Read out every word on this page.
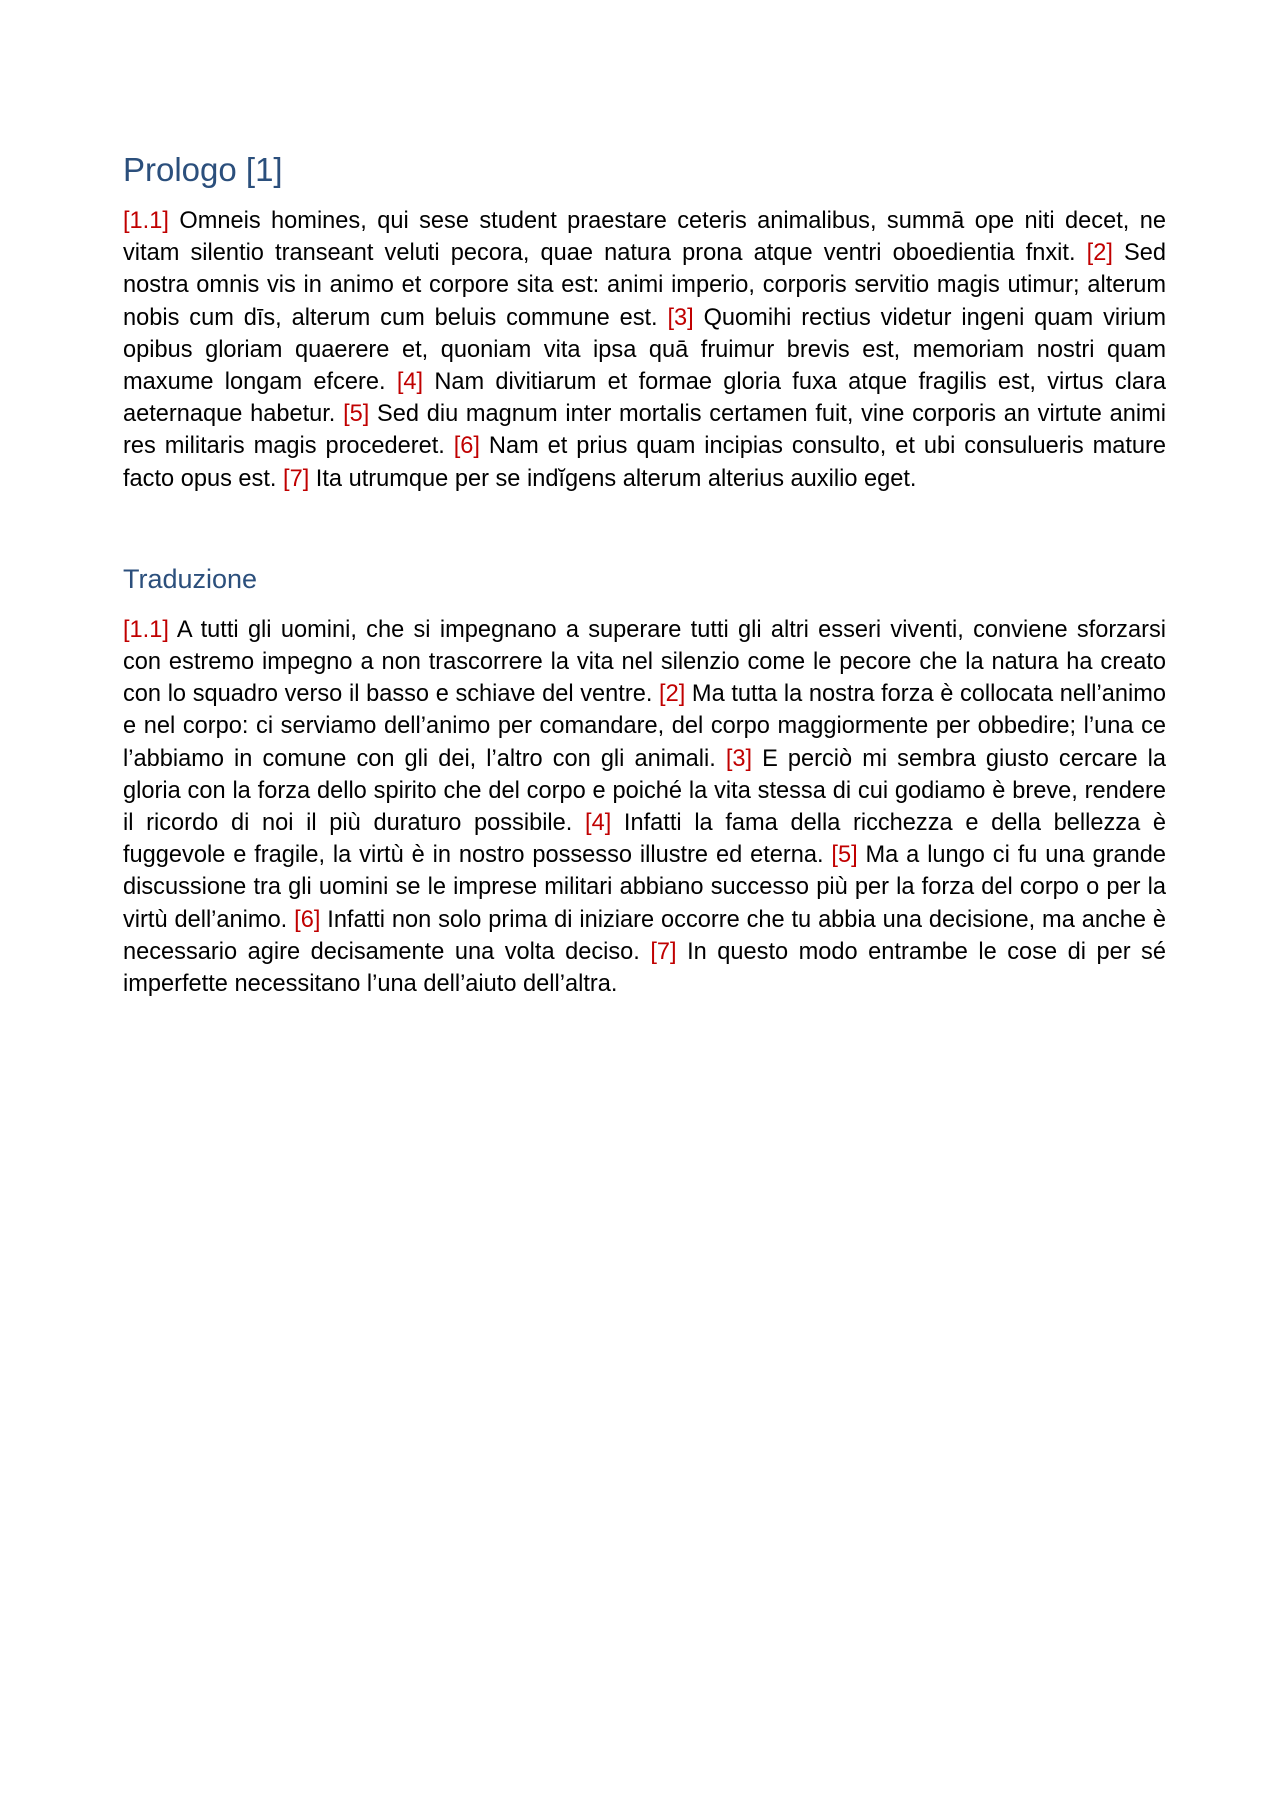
Prologo [1]

[1.1] Omneis homines, qui sese student praestare ceteris animalibus, summā ope niti decet, ne vitam silentio transeant veluti pecora, quae natura prona atque ventri oboedientia fnxit. [2] Sed nostra omnis vis in animo et corpore sita est: animi imperio, corporis servitio magis utimur; alterum nobis cum dīs, alterum cum beluis commune est. [3] Quomihi rectius videtur ingeni quam virium opibus gloriam quaerere et, quoniam vita ipsa quā fruimur brevis est, memoriam nostri quam maxume longam efcere. [4] Nam divitiarum et formae gloria fuxa atque fragilis est, virtus clara aeternaque habetur. [5] Sed diu magnum inter mortalis certamen fuit, vine corporis an virtute animi res militaris magis procederet. [6] Nam et prius quam incipias consulto, et ubi consulueris mature facto opus est. [7] Ita utrumque per se indĭgens alterum alterius auxilio eget.

Traduzione

[1.1] A tutti gli uomini, che si impegnano a superare tutti gli altri esseri viventi, conviene sforzarsi con estremo impegno a non trascorrere la vita nel silenzio come le pecore che la natura ha creato con lo squadro verso il basso e schiave del ventre. [2] Ma tutta la nostra forza è collocata nell’animo e nel corpo: ci serviamo dell’animo per comandare, del corpo maggiormente per obbedire; l’una ce l’abbiamo in comune con gli dei, l’altro con gli animali. [3] E perciò mi sembra giusto cercare la gloria con la forza dello spirito che del corpo e poiché la vita stessa di cui godiamo è breve, rendere il ricordo di noi il più duraturo possibile. [4] Infatti la fama della ricchezza e della bellezza è fuggevole e fragile, la virtù è in nostro possesso illustre ed eterna. [5] Ma a lungo ci fu una grande discussione tra gli uomini se le imprese militari abbiano successo più per la forza del corpo o per la virtù dell’animo. [6] Infatti non solo prima di iniziare occorre che tu abbia una decisione, ma anche è necessario agire decisamente una volta deciso. [7] In questo modo entrambe le cose di per sé imperfette necessitano l’una dell’aiuto dell’altra.
